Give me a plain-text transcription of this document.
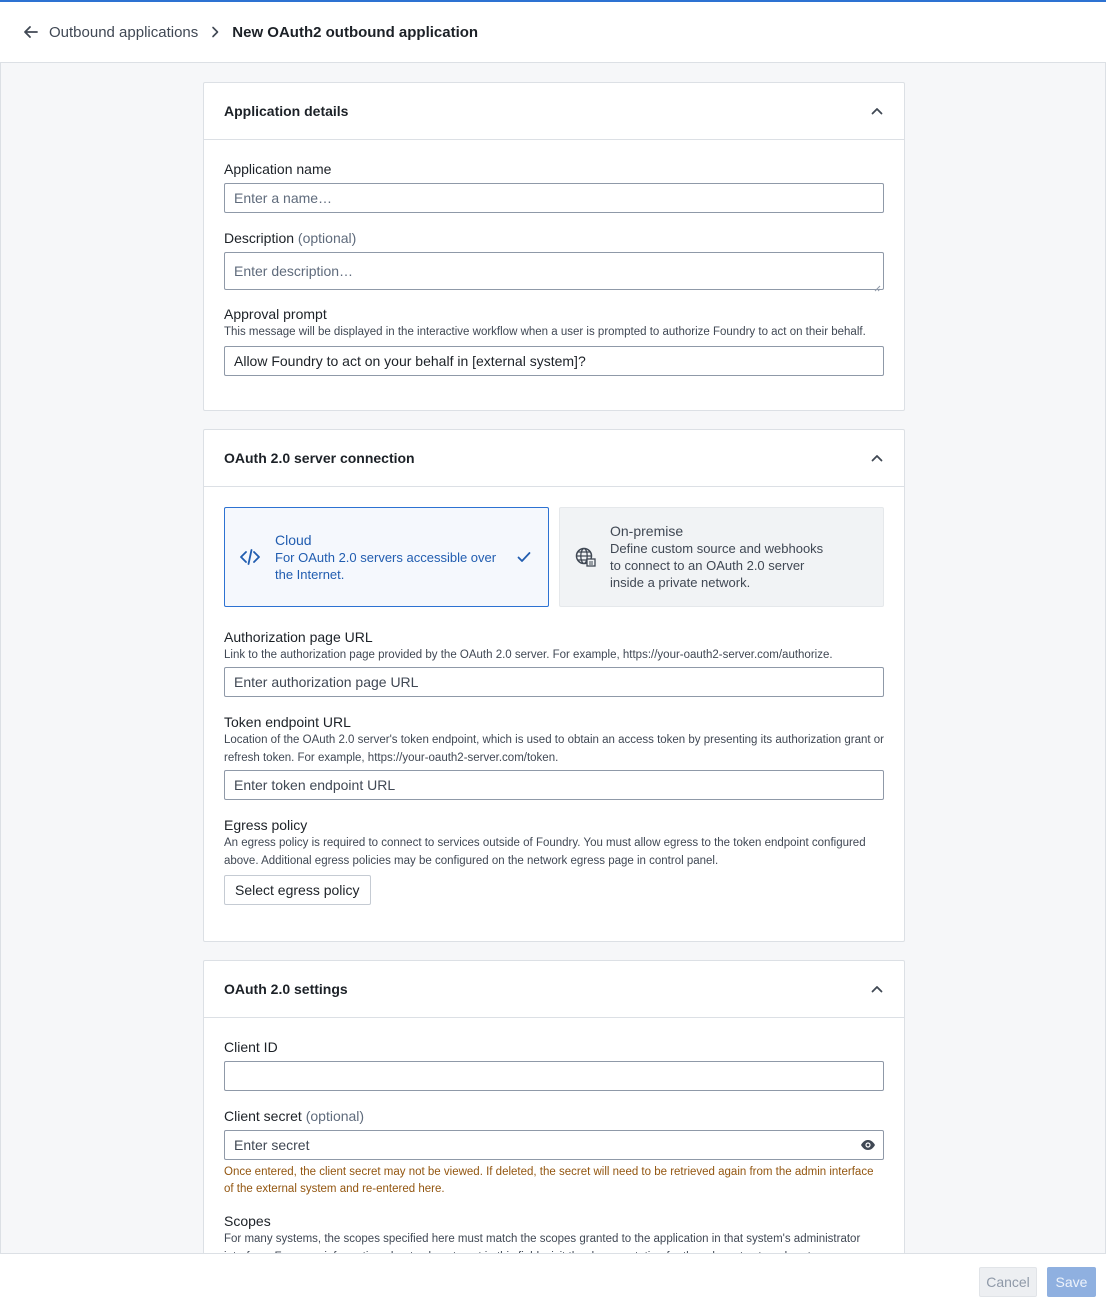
Outbound applications New OAuth2 outbound application
Application details
Application name
Enter a name…
Description (optional)
Enter description…
Approval prompt
This message will be displayed in the interactive workflow when a user is prompted to authorize Foundry to act on their behalf.
Allow Foundry to act on your behalf in [external system]?
OAuth 2.0 server connection
Cloud
For OAuth 2.0 servers accessible over the Internet.
On-premise
Define custom source and webhooks to connect to an OAuth 2.0 server inside a private network.
Authorization page URL
Link to the authorization page provided by the OAuth 2.0 server. For example, https://your-oauth2-server.com/authorize.
Enter authorization page URL
Token endpoint URL
Location of the OAuth 2.0 server's token endpoint, which is used to obtain an access token by presenting its authorization grant or refresh token. For example, https://your-oauth2-server.com/token.
Enter token endpoint URL
Egress policy
An egress policy is required to connect to services outside of Foundry. You must allow egress to the token endpoint configured above. Additional egress policies may be configured on the network egress page in control panel.
Select egress policy
OAuth 2.0 settings
Client ID
Client secret (optional)
Enter secret
Once entered, the client secret may not be viewed. If deleted, the secret will need to be retrieved again from the admin interface of the external system and re-entered here.
Scopes
For many systems, the scopes specified here must match the scopes granted to the application in that system's administrator
Cancel	Save
